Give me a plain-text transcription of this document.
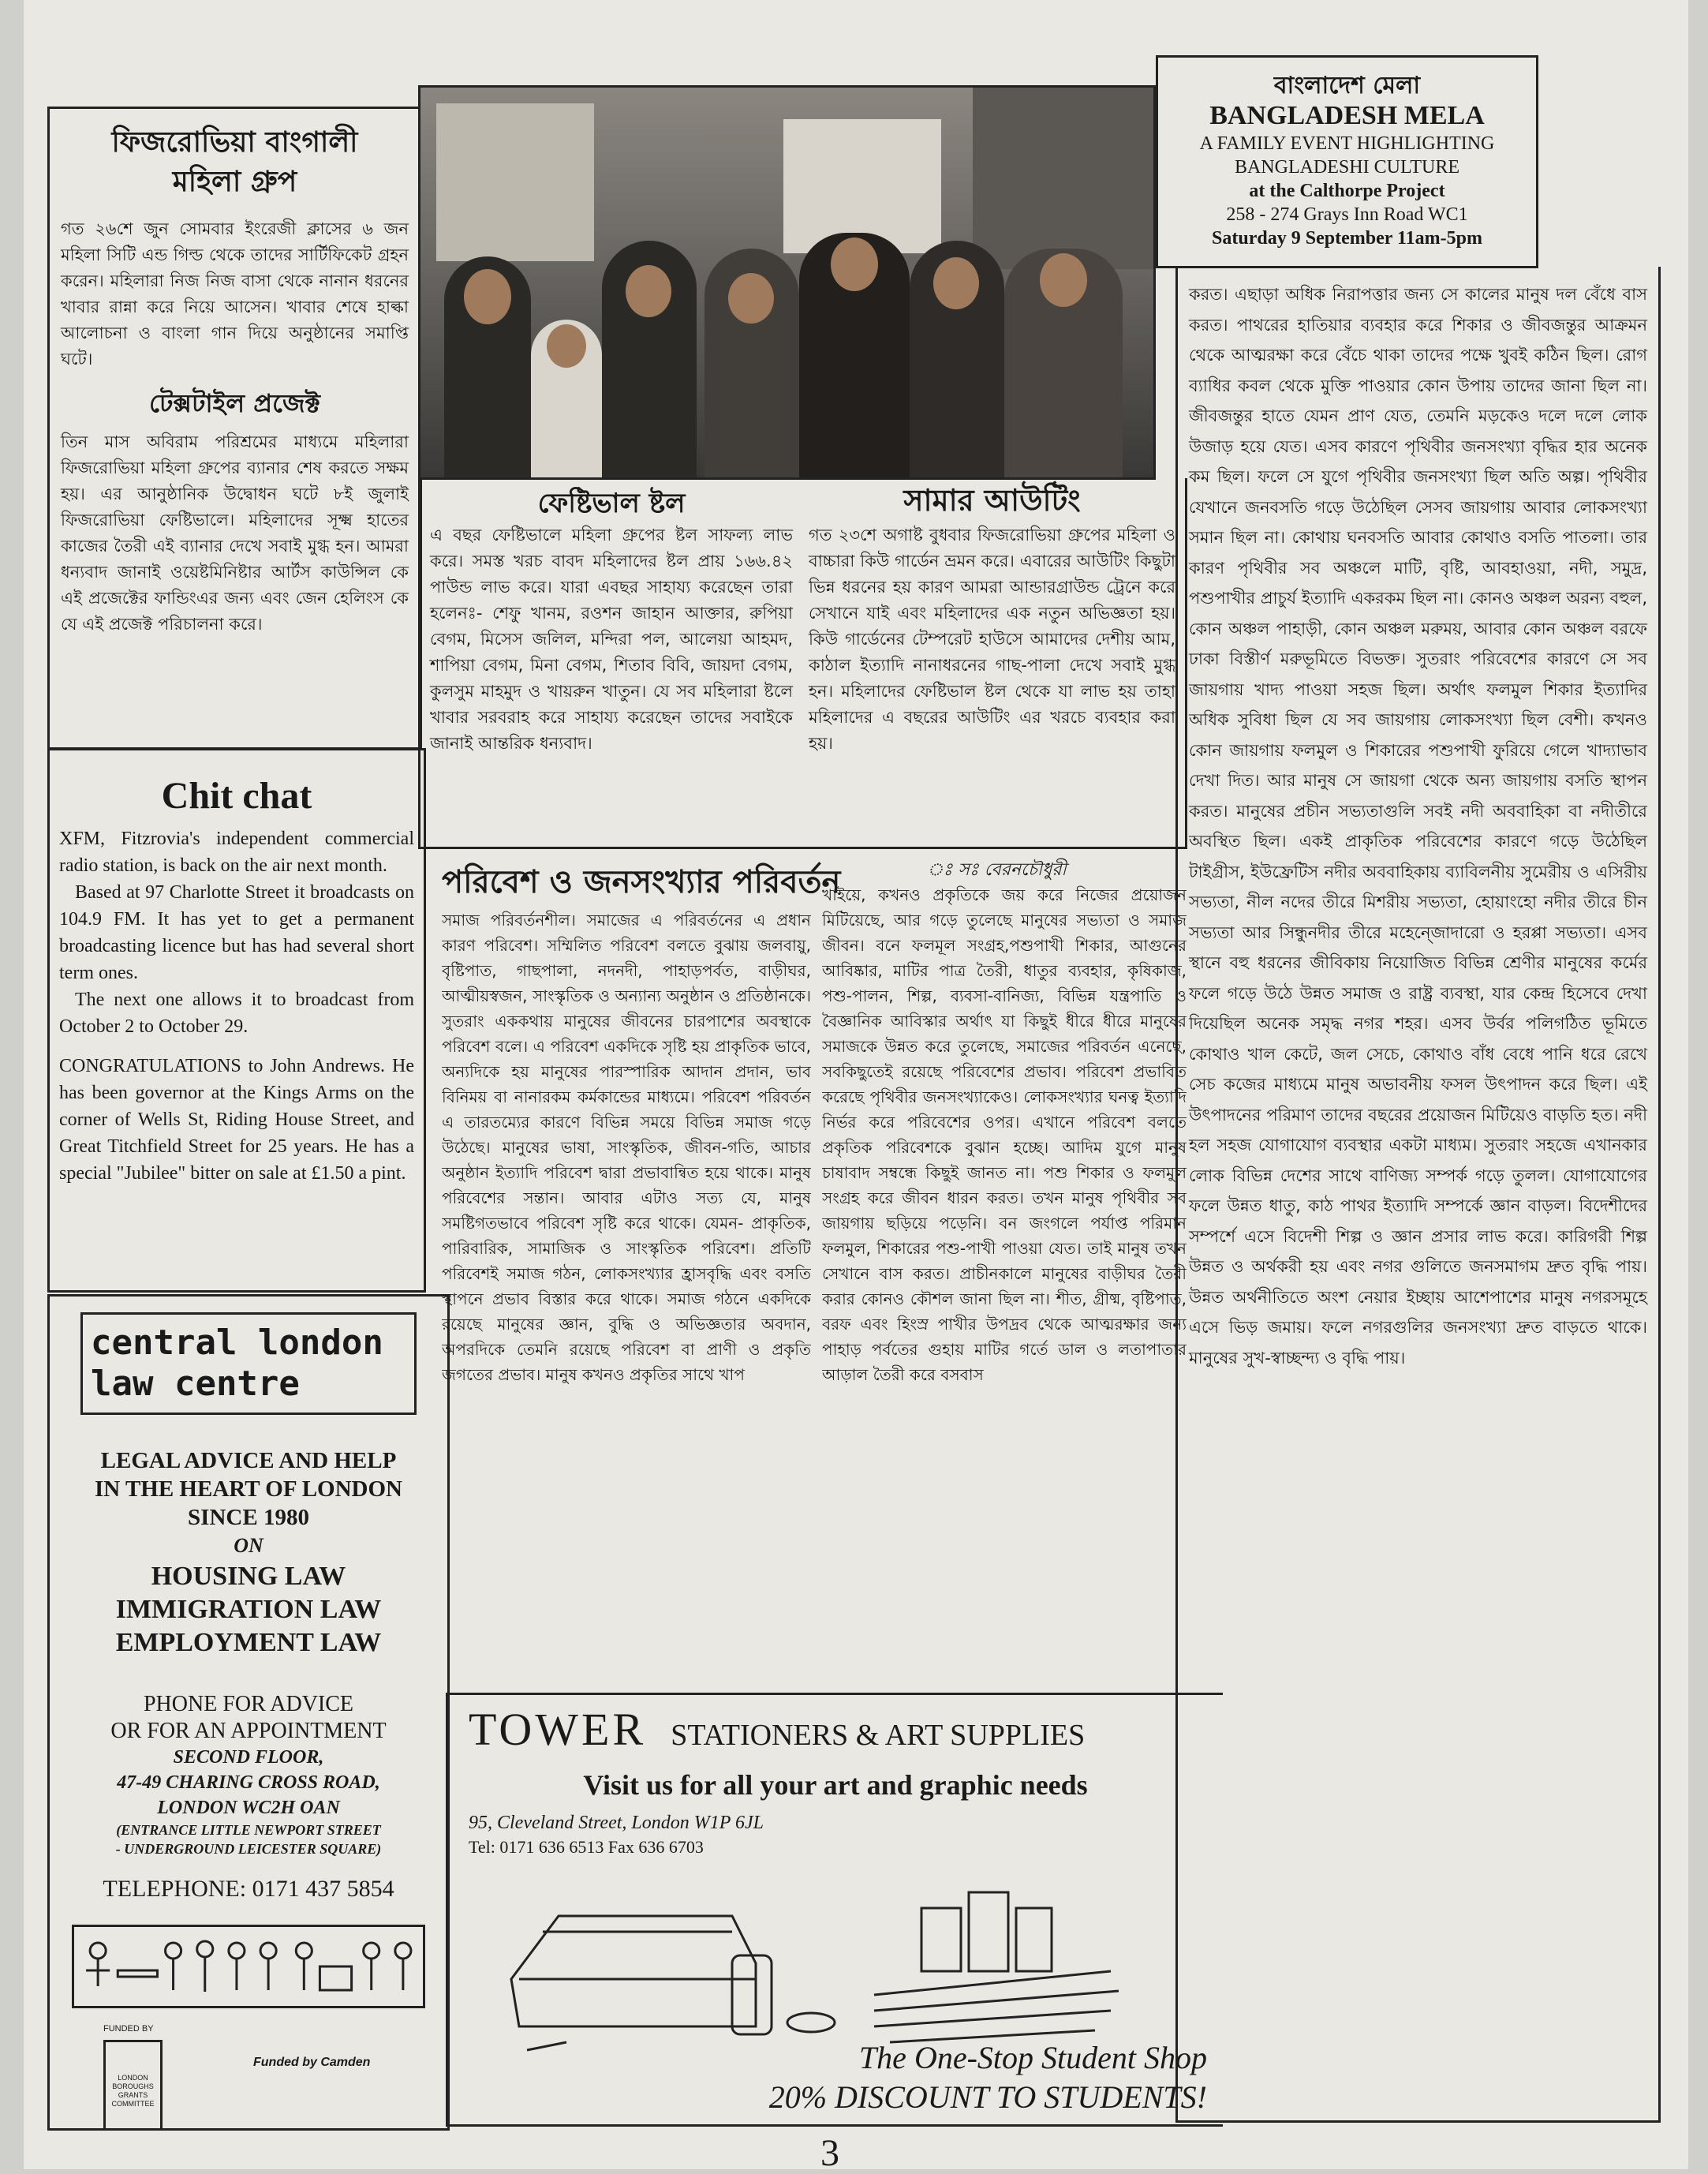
ফিজরোভিয়া বাংগালী মহিলা গ্রুপ

গত ২৬শে জুন সোমবার ইংরেজী ক্লাসের ৬ জন মহিলা সিটি এন্ড গিল্ড থেকে তাদের সার্টিফিকেট গ্রহন করেন। মহিলারা নিজ নিজ বাসা থেকে নানান ধরনের খাবার রান্না করে নিয়ে আসেন। খাবার শেষে হাল্কা আলোচনা ও বাংলা গান দিয়ে অনুষ্ঠানের সমাপ্তি ঘটে।

টেক্সটাইল প্রজেক্ট

তিন মাস অবিরাম পরিশ্রমের মাধ্যমে মহিলারা ফিজরোভিয়া মহিলা গ্রুপের ব্যানার শেষ করতে সক্ষম হয়। এর আনুষ্ঠানিক উদ্বোধন ঘটে ৮ই জুলাই ফিজরোভিয়া ফেষ্টিভালে। মহিলাদের সূক্ষ্ম হাতের কাজের তৈরী এই ব্যানার দেখে সবাই মুগ্ধ হন। আমরা ধন্যবাদ জানাই ওয়েষ্টমিনিষ্টার আর্টস কাউন্সিল কে এই প্রজেক্টের ফান্ডিংএর জন্য এবং জেন হেলিংস কে যে এই প্রজেক্ট পরিচালনা করে।

Chit chat

XFM, Fitzrovia's independent commercial radio station, is back on the air next month.

Based at 97 Charlotte Street it broadcasts on 104.9 FM. It has yet to get a permanent broadcasting licence but has had several short term ones.

The next one allows it to broadcast from October 2 to October 29.

CONGRATULATIONS to John Andrews. He has been governor at the Kings Arms on the corner of Wells St, Riding House Street, and Great Titchfield Street for 25 years. He has a special "Jubilee" bitter on sale at £1.50 a pint.

central london
law centre
LEGAL ADVICE AND HELP
IN THE HEART OF LONDON
SINCE 1980
ON
HOUSING LAW
IMMIGRATION LAW
EMPLOYMENT LAW
PHONE FOR ADVICE
OR FOR AN APPOINTMENT
SECOND FLOOR,
47-49 CHARING CROSS ROAD,
LONDON WC2H OAN
(ENTRANCE LITTLE NEWPORT STREET
- UNDERGROUND LEICESTER SQUARE)
TELEPHONE: 0171 437 5854
FUNDED BY
LONDON BOROUGHS GRANTS COMMITTEE
Funded by Camden
ফেষ্টিভাল ষ্টল

এ বছর ফেষ্টিভালে মহিলা গ্রুপের ষ্টল সাফল্য লাভ করে। সমস্ত খরচ বাবদ মহিলাদের ষ্টল প্রায় ১৬৬.৪২ পাউন্ড লাভ করে। যারা এবছর সাহায্য করেছেন তারা হলেনঃ- শেফু খানম, রওশন জাহান আক্তার, রুপিয়া বেগম, মিসেস জলিল, মন্দিরা পল, আলেয়া আহমদ, শাপিয়া বেগম, মিনা বেগম, শিতাব বিবি, জায়দা বেগম, কুলসুম মাহমুদ ও খায়রুন খাতুন। যে সব মহিলারা ষ্টলে খাবার সরবরাহ করে সাহায্য করেছেন তাদের সবাইকে জানাই আন্তরিক ধন্যবাদ।

সামার আউটিং

গত ২৩শে অগাষ্ট বুধবার ফিজরোভিয়া গ্রুপের মহিলা ও বাচ্চারা কিউ গার্ডেন ভ্রমন করে। এবারের আউটিং কিছুটা ভিন্ন ধরনের হয় কারণ আমরা আন্ডারগ্রাউন্ড ট্রেনে করে সেখানে যাই এবং মহিলাদের এক নতুন অভিজ্ঞতা হয়। কিউ গার্ডেনের টেম্পরেট হাউসে আমাদের দেশীয় আম, কাঠাল ইত্যাদি নানাধরনের গাছ-পালা দেখে সবাই মুগ্ধ হন। মহিলাদের ফেষ্টিভাল ষ্টল থেকে যা লাভ হয় তাহা মহিলাদের এ বছরের আউটিং এর খরচে ব্যবহার করা হয়।

বাংলাদেশ মেলা
BANGLADESH MELA
A FAMILY EVENT HIGHLIGHTING
BANGLADESHI CULTURE
at the Calthorpe Project
258 - 274 Grays Inn Road WC1
Saturday 9 September 11am-5pm
পরিবেশ ও জনসংখ্যার পরিবর্তন	ঃ সঃ বেরনচৌধুরী

সমাজ পরিবর্তনশীল। সমাজের এ পরিবর্তনের এ প্রধান কারণ পরিবেশ। সম্মিলিত পরিবেশ বলতে বুঝায় জলবায়ু, বৃষ্টিপাত, গাছপালা, নদনদী, পাহাড়পর্বত, বাড়ীঘর, আত্মীয়স্বজন, সাংস্কৃতিক ও অন্যান্য অনুষ্ঠান ও প্রতিষ্ঠানকে। সুতরাং এককথায় মানুষের জীবনের চারপাশের অবস্থাকে পরিবেশ বলে। এ পরিবেশ একদিকে সৃষ্টি হয় প্রাকৃতিক ভাবে, অন্যদিকে হয় মানুষের পারস্পারিক আদান প্রদান, ভাব বিনিময় বা নানারকম কর্মকান্ডের মাধ্যমে। পরিবেশ পরিবর্তন এ তারতম্যের কারণে বিভিন্ন সময়ে বিভিন্ন সমাজ গড়ে উঠেছে। মানুষের ভাষা, সাংস্কৃতিক, জীবন-গতি, আচার অনুষ্ঠান ইত্যাদি পরিবেশ দ্বারা প্রভাবান্বিত হয়ে থাকে। মানুষ পরিবেশের সন্তান। আবার এটাও সত্য যে, মানুষ সমষ্টিগতভাবে পরিবেশ সৃষ্টি করে থাকে। যেমন- প্রাকৃতিক, পারিবারিক, সামাজিক ও সাংস্কৃতিক পরিবেশ। প্রতিটি পরিবেশই সমাজ গঠন, লোকসংখ্যার হ্রাসবৃদ্ধি এবং বসতি স্থাপনে প্রভাব বিস্তার করে থাকে। সমাজ গঠনে একদিকে রয়েছে মানুষের জ্ঞান, বুদ্ধি ও অভিজ্ঞতার অবদান, অপরদিকে তেমনি রয়েছে পরিবেশ বা প্রাণী ও প্রকৃতি জগতের প্রভাব। মানুষ কখনও প্রকৃতির সাথে খাপ

খাইয়ে, কখনও প্রকৃতিকে জয় করে নিজের প্রয়োজন মিটিয়েছে, আর গড়ে তুলেছে মানুষের সভ্যতা ও সমাজ জীবন। বনে ফলমূল সংগ্রহ,পশুপাখী শিকার, আগুনের আবিষ্কার, মাটির পাত্র তৈরী, ধাতুর ব্যবহার, কৃষিকাজ, পশু-পালন, শিল্প, ব্যবসা-বানিজ্য, বিভিন্ন যন্ত্রপাতি ও বৈজ্ঞানিক আবিস্কার অর্থাৎ যা কিছুই ধীরে ধীরে মানুষের সমাজকে উন্নত করে তুলেছে, সমাজের পরিবর্তন এনেছে, সবকিছুতেই রয়েছে পরিবেশের প্রভাব। পরিবেশ প্রভাবিত করেছে পৃথিবীর জনসংখ্যাকেও। লোকসংখ্যার ঘনত্ব ইত্যাদি নির্ভর করে পরিবেশের ওপর। এখানে পরিবেশ বলতে প্রকৃতিক পরিবেশকে বুঝান হচ্ছে। আদিম যুগে মানুষ চাষাবাদ সম্বন্ধে কিছুই জানত না। পশু শিকার ও ফলমুল সংগ্রহ করে জীবন ধারন করত। তখন মানুষ পৃথিবীর সব জায়গায় ছড়িয়ে পড়েনি। বন জংগলে পর্যাপ্ত পরিমান ফলমুল, শিকারের পশু-পাখী পাওয়া যেত। তাই মানুষ তখন সেখানে বাস করত। প্রাচীনকালে মানুষের বাড়ীঘর তৈরী করার কোনও কৌশল জানা ছিল না। শীত, গ্রীষ্ম, বৃষ্টিপাত, বরফ এবং হিংস্র পাখীর উপদ্রব থেকে আত্মরক্ষার জন্য পাহাড় পর্বতের গুহায় মাটির গর্তে ডাল ও লতাপাতার আড়াল তৈরী করে বসবাস

করত। এছাড়া অধিক নিরাপত্তার জন্য সে কালের মানুষ দল বেঁধে বাস করত। পাথরের হাতিয়ার ব্যবহার করে শিকার ও জীবজন্তুর আক্রমন থেকে আত্মরক্ষা করে বেঁচে থাকা তাদের পক্ষে খুবই কঠিন ছিল। রোগ ব্যাধির কবল থেকে মুক্তি পাওয়ার কোন উপায় তাদের জানা ছিল না। জীবজন্তুর হাতে যেমন প্রাণ যেত, তেমনি মড়কেও দলে দলে লোক উজাড় হয়ে যেত। এসব কারণে পৃথিবীর জনসংখ্যা বৃদ্ধির হার অনেক কম ছিল। ফলে সে যুগে পৃথিবীর জনসংখ্যা ছিল অতি অল্প। পৃথিবীর যেখানে জনবসতি গড়ে উঠেছিল সেসব জায়গায় আবার লোকসংখ্যা সমান ছিল না। কোথায় ঘনবসতি আবার কোথাও বসতি পাতলা। তার কারণ পৃথিবীর সব অঞ্চলে মাটি, বৃষ্টি, আবহাওয়া, নদী, সমুদ্র, পশুপাখীর প্রাচুর্য ইত্যাদি একরকম ছিল না। কোনও অঞ্চল অরন্য বহুল, কোন অঞ্চল পাহাড়ী, কোন অঞ্চল মরুময়, আবার কোন অঞ্চল বরফে ঢাকা বিস্তীর্ণ মরুভূমিতে বিভক্ত। সুতরাং পরিবেশের কারণে সে সব জায়গায় খাদ্য পাওয়া সহজ ছিল। অর্থাৎ ফলমুল শিকার ইত্যাদির অধিক সুবিধা ছিল যে সব জায়গায় লোকসংখ্যা ছিল বেশী। কখনও কোন জায়গায় ফলমুল ও শিকারের পশুপাখী ফুরিয়ে গেলে খাদ্যাভাব দেখা দিত। আর মানুষ সে জায়গা থেকে অন্য জায়গায় বসতি স্থাপন করত। মানুষের প্রচীন সভ্যতাগুলি সবই নদী অববাহিকা বা নদীতীরে অবস্থিত ছিল। একই প্রাকৃতিক পরিবেশের কারণে গড়ে উঠেছিল টাইগ্রীস, ইউফ্রেটিস নদীর অববাহিকায় ব্যাবিলনীয় সুমেরীয় ও এসিরীয় সভ্যতা, নীল নদের তীরে মিশরীয় সভ্যতা, হোয়াংহো নদীর তীরে চীন সভ্যতা আর সিন্ধুনদীর তীরে মহেন্জোদারো ও হরপ্পা সভ্যতা। এসব স্থানে বহু ধরনের জীবিকায় নিয়োজিত বিভিন্ন শ্রেণীর মানুষের কর্মের ফলে গড়ে উঠে উন্নত সমাজ ও রাষ্ট্র ব্যবস্থা, যার কেন্দ্র হিসেবে দেখা দিয়েছিল অনেক সমৃদ্ধ নগর শহর। এসব উর্বর পলিগঠিত ভূমিতে কোথাও খাল কেটে, জল সেচে, কোথাও বাঁধ বেধে পানি ধরে রেখে সেচ কজের মাধ্যমে মানুষ অভাবনীয় ফসল উৎপাদন করে ছিল। এই উৎপাদনের পরিমাণ তাদের বছরের প্রয়োজন মিটিয়েও বাড়তি হত। নদী হল সহজ যোগাযোগ ব্যবস্থার একটা মাধ্যম। সুতরাং সহজে এখানকার লোক বিভিন্ন দেশের সাথে বাণিজ্য সম্পর্ক গড়ে তুলল। যোগাযোগের ফলে উন্নত ধাতু, কাঠ পাথর ইত্যাদি সম্পর্কে জ্ঞান বাড়ল। বিদেশীদের সম্পর্শে এসে বিদেশী শিল্প ও জ্ঞান প্রসার লাভ করে। কারিগরী শিল্প উন্নত ও অর্থকরী হয় এবং নগর গুলিতে জনসমাগম দ্রুত বৃদ্ধি পায়। উন্নত অর্থনীতিতে অংশ নেয়ার ইচ্ছায় আশেপাশের মানুষ নগরসমূহে এসে ভিড় জমায়। ফলে নগরগুলির জনসংখ্যা দ্রুত বাড়তে থাকে। মানুষের সুখ-স্বাচ্ছন্দ্য ও বৃদ্ধি পায়।

TOWER STATIONERS & ART SUPPLIES
Visit us for all your art and graphic needs
95, Cleveland Street, London W1P 6JL
Tel: 0171 636 6513 Fax 636 6703
The One-Stop Student Shop
20% DISCOUNT TO STUDENTS!
3
